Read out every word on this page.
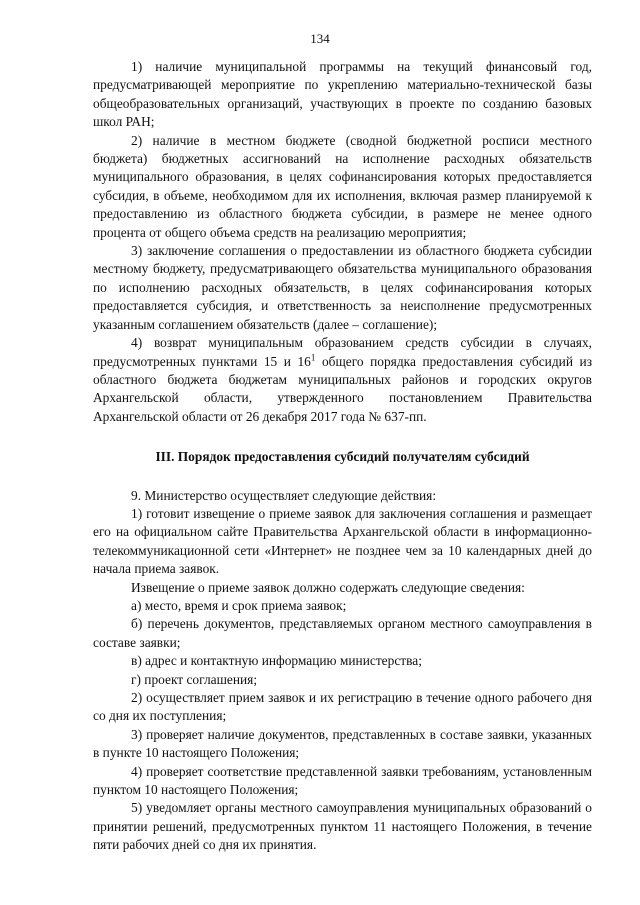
134

1) наличие муниципальной программы на текущий финансовый год, предусматривающей мероприятие по укреплению материально-технической базы общеобразовательных организаций, участвующих в проекте по созданию базовых школ РАН;

2) наличие в местном бюджете (сводной бюджетной росписи местного бюджета) бюджетных ассигнований на исполнение расходных обязательств муниципального образования, в целях софинансирования которых предоставляется субсидия, в объеме, необходимом для их исполнения, включая размер планируемой к предоставлению из областного бюджета субсидии, в размере не менее одного процента от общего объема средств на реализацию мероприятия;

3) заключение соглашения о предоставлении из областного бюджета субсидии местному бюджету, предусматривающего обязательства муниципального образования по исполнению расходных обязательств, в целях софинансирования которых предоставляется субсидия, и ответственность за неисполнение предусмотренных указанным соглашением обязательств (далее – соглашение);

4) возврат муниципальным образованием средств субсидии в случаях, предусмотренных пунктами 15 и $16^1$ общего порядка предоставления субсидий из областного бюджета бюджетам муниципальных районов и городских округов Архангельской области, утвержденного постановлением Правительства Архангельской области от 26 декабря 2017 года № 637-пп.

III. Порядок предоставления субсидий получателям субсидий

9. Министерство осуществляет следующие действия:

1) готовит извещение о приеме заявок для заключения соглашения и размещает его на официальном сайте Правительства Архангельской области в информационно-телекоммуникационной сети «Интернет» не позднее чем за 10 календарных дней до начала приема заявок.

Извещение о приеме заявок должно содержать следующие сведения:

а) место, время и срок приема заявок;

б) перечень документов, представляемых органом местного самоуправления в составе заявки;

в) адрес и контактную информацию министерства;

г) проект соглашения;

2) осуществляет прием заявок и их регистрацию в течение одного рабочего дня со дня их поступления;

3) проверяет наличие документов, представленных в составе заявки, указанных в пункте 10 настоящего Положения;

4) проверяет соответствие представленной заявки требованиям, установленным пунктом 10 настоящего Положения;

5) уведомляет органы местного самоуправления муниципальных образований о принятии решений, предусмотренных пунктом 11 настоящего Положения, в течение пяти рабочих дней со дня их принятия.
